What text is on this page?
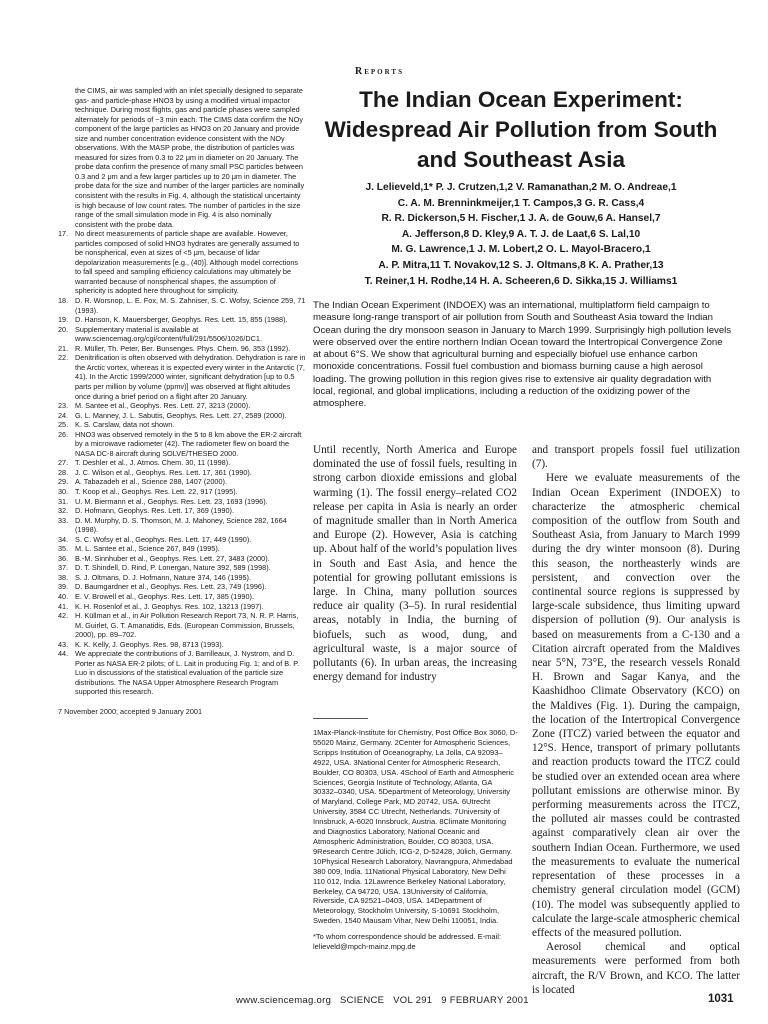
the CIMS, air was sampled with an inlet specially designed to separate gas- and particle-phase HNO3 by using a modified virtual impactor technique. During most flights, gas and particle phases were sampled alternately for periods of ~3 min each. The CIMS data confirm the NOy component of the large particles as HNO3 on 20 January and provide size and number concentration evidence consistent with the NOy observations. With the MASP probe, the distribution of particles was measured for sizes from 0.3 to 22 μm in diameter on 20 January. The probe data confirm the presence of many small PSC particles between 0.3 and 2 μm and a few larger particles up to 20 μm in diameter. The probe data for the size and number of the larger particles are nominally consistent with the results in Fig. 4, although the statistical uncertainty is high because of low count rates. The number of particles in the size range of the small simulation mode in Fig. 4 is also nominally consistent with the probe data.
17. No direct measurements of particle shape are available. However, particles composed of solid HNO3 hydrates are generally assumed to be nonspherical, even at sizes of <5 μm, because of lidar depolarization measurements [e.g., (40)]. Although model corrections to fall speed and sampling efficiency calculations may ultimately be warranted because of nonspherical shapes, the assumption of sphericity is adopted here throughout for simplicity.
18. D. R. Worsnop, L. E. Fox, M. S. Zahniser, S. C. Wofsy, Science 259, 71 (1993).
19. D. Hanson, K. Mauersberger, Geophys. Res. Lett. 15, 855 (1988).
20. Supplementary material is available at www.sciencemag.org/cgi/content/full/291/5506/1026/DC1.
21. R. Müller, Th. Peter, Ber. Bunsenges. Phys. Chem. 96, 353 (1992).
22. Denitrification is often observed with dehydration. Dehydration is rare in the Arctic vortex, whereas it is expected every winter in the Antarctic (7, 41). In the Arctic 1999/2000 winter, significant dehydration [up to 0.5 parts per million by volume (ppmv)] was observed at flight altitudes once during a brief period on a flight after 20 January.
23. M. Santee et al., Geophys. Res. Lett. 27, 3213 (2000).
24. G. L. Manney, J. L. Sabutis, Geophys. Res. Lett. 27, 2589 (2000).
25. K. S. Carslaw, data not shown.
26. HNO3 was observed remotely in the 5 to 8 km above the ER-2 aircraft by a microwave radiometer (42). The radiometer flew on board the NASA DC-8 aircraft during SOLVE/THESEO 2000.
27. T. Deshler et al., J. Atmos. Chem. 30, 11 (1998).
28. J. C. Wilson et al., Geophys. Res. Lett. 17, 361 (1990).
29. A. Tabazadeh et al., Science 288, 1407 (2000).
30. T. Koop et al., Geophys. Res. Lett. 22, 917 (1995).
31. U. M. Biermann et al., Geophys. Res. Lett. 23, 1693 (1996).
32. D. Hofmann, Geophys. Res. Lett. 17, 369 (1990).
33. D. M. Murphy, D. S. Thomson, M. J. Mahoney, Science 282, 1664 (1998).
34. S. C. Wofsy et al., Geophys. Res. Lett. 17, 449 (1990).
35. M. L. Santee et al., Science 267, 849 (1995).
36. B.-M. Sinnhuber et al., Geophys. Res. Lett. 27, 3483 (2000).
37. D. T. Shindell, D. Rind, P. Lonergan, Nature 392, 589 (1998).
38. S. J. Oltmans, D. J. Hofmann, Nature 374, 146 (1995).
39. D. Baumgardner et al., Geophys. Res. Lett. 23, 749 (1996).
40. E. V. Browell et al., Geophys. Res. Lett. 17, 385 (1990).
41. K. H. Rosenlof et al., J. Geophys. Res. 102, 13213 (1997).
42. H. Küllman et al., in Air Pollution Research Report 73, N. R. P. Harris, M. Guirlet, G. T. Amanatidis, Eds. (European Commission, Brussels, 2000), pp. 89–702.
43. K. K. Kelly, J. Geophys. Res. 98, 8713 (1993).
44. We appreciate the contributions of J. Barrilleaux, J. Nystrom, and D. Porter as NASA ER-2 pilots; of L. Lait in producing Fig. 1; and of B. P. Luo in discussions of the statistical evaluation of the particle size distributions. The NASA Upper Atmosphere Research Program supported this research.
7 November 2000; accepted 9 January 2001
Reports
The Indian Ocean Experiment: Widespread Air Pollution from South and Southeast Asia
J. Lelieveld,1* P. J. Crutzen,1,2 V. Ramanathan,2 M. O. Andreae,1
C. A. M. Brenninkmeijer,1 T. Campos,3 G. R. Cass,4
R. R. Dickerson,5 H. Fischer,1 J. A. de Gouw,6 A. Hansel,7
A. Jefferson,8 D. Kley,9 A. T. J. de Laat,6 S. Lal,10
M. G. Lawrence,1 J. M. Lobert,2 O. L. Mayol-Bracero,1
A. P. Mitra,11 T. Novakov,12 S. J. Oltmans,8 K. A. Prather,13
T. Reiner,1 H. Rodhe,14 H. A. Scheeren,6 D. Sikka,15 J. Williams1
The Indian Ocean Experiment (INDOEX) was an international, multiplatform field campaign to measure long-range transport of air pollution from South and Southeast Asia toward the Indian Ocean during the dry monsoon season in January to March 1999. Surprisingly high pollution levels were observed over the entire northern Indian Ocean toward the Intertropical Convergence Zone at about 6°S. We show that agricultural burning and especially biofuel use enhance carbon monoxide concentrations. Fossil fuel combustion and biomass burning cause a high aerosol loading. The growing pollution in this region gives rise to extensive air quality degradation with local, regional, and global implications, including a reduction of the oxidizing power of the atmosphere.
Until recently, North America and Europe dominated the use of fossil fuels, resulting in strong carbon dioxide emissions and global warming (1). The fossil energy–related CO2 release per capita in Asia is nearly an order of magnitude smaller than in North America and Europe (2). However, Asia is catching up. About half of the world’s population lives in South and East Asia, and hence the potential for growing pollutant emissions is large. In China, many pollution sources reduce air quality (3–5). In rural residential areas, notably in India, the burning of biofuels, such as wood, dung, and agricultural waste, is a major source of pollutants (6). In urban areas, the increasing energy demand for industry
1Max-Planck-Institute for Chemistry, Post Office Box 3060, D-55020 Mainz, Germany. 2Center for Atmospheric Sciences, Scripps Institution of Oceanography, La Jolla, CA 92093–4922, USA. 3National Center for Atmospheric Research, Boulder, CO 80303, USA. 4School of Earth and Atmospheric Sciences, Georgia Institute of Technology, Atlanta, GA 30332–0340, USA. 5Department of Meteorology, University of Maryland, College Park, MD 20742, USA. 6Utrecht University, 3584 CC Utrecht, Netherlands. 7University of Innsbruck, A-6020 Innsbruck, Austria. 8Climate Monitoring and Diagnostics Laboratory, National Oceanic and Atmospheric Administration, Boulder, CO 80303, USA. 9Research Centre Jülich, ICG-2, D-52428, Jülich, Germany. 10Physical Research Laboratory, Navrangpura, Ahmedabad 380 009, India. 11National Physical Laboratory, New Delhi 110 012, India. 12Lawrence Berkeley National Laboratory, Berkeley, CA 94720, USA. 13University of California, Riverside, CA 92521–0403, USA. 14Department of Meteorology, Stockholm University, S-10691 Stockholm, Sweden. 1540 Mausam Vihar, New Delhi 110051, India.
*To whom correspondence should be addressed. E-mail: lelieveld@mpch-mainz.mpg.de

and transport propels fossil fuel utilization (7).

Here we evaluate measurements of the Indian Ocean Experiment (INDOEX) to characterize the atmospheric chemical composition of the outflow from South and Southeast Asia, from January to March 1999 during the dry winter monsoon (8). During this season, the northeasterly winds are persistent, and convection over the continental source regions is suppressed by large-scale subsidence, thus limiting upward dispersion of pollution (9). Our analysis is based on measurements from a C-130 and a Citation aircraft operated from the Maldives near 5°N, 73°E, the research vessels Ronald H. Brown and Sagar Kanya, and the Kaashidhoo Climate Observatory (KCO) on the Maldives (Fig. 1). During the campaign, the location of the Intertropical Convergence Zone (ITCZ) varied between the equator and 12°S. Hence, transport of primary pollutants and reaction products toward the ITCZ could be studied over an extended ocean area where pollutant emissions are otherwise minor. By performing measurements across the ITCZ, the polluted air masses could be contrasted against comparatively clean air over the southern Indian Ocean. Furthermore, we used the measurements to evaluate the numerical representation of these processes in a chemistry general circulation model (GCM) (10). The model was subsequently applied to calculate the large-scale atmospheric chemical effects of the measured pollution.

Aerosol chemical and optical measurements were performed from both aircraft, the R/V Brown, and KCO. The latter is located

www.sciencemag.org   SCIENCE   VOL 291   9 FEBRUARY 2001	1031
